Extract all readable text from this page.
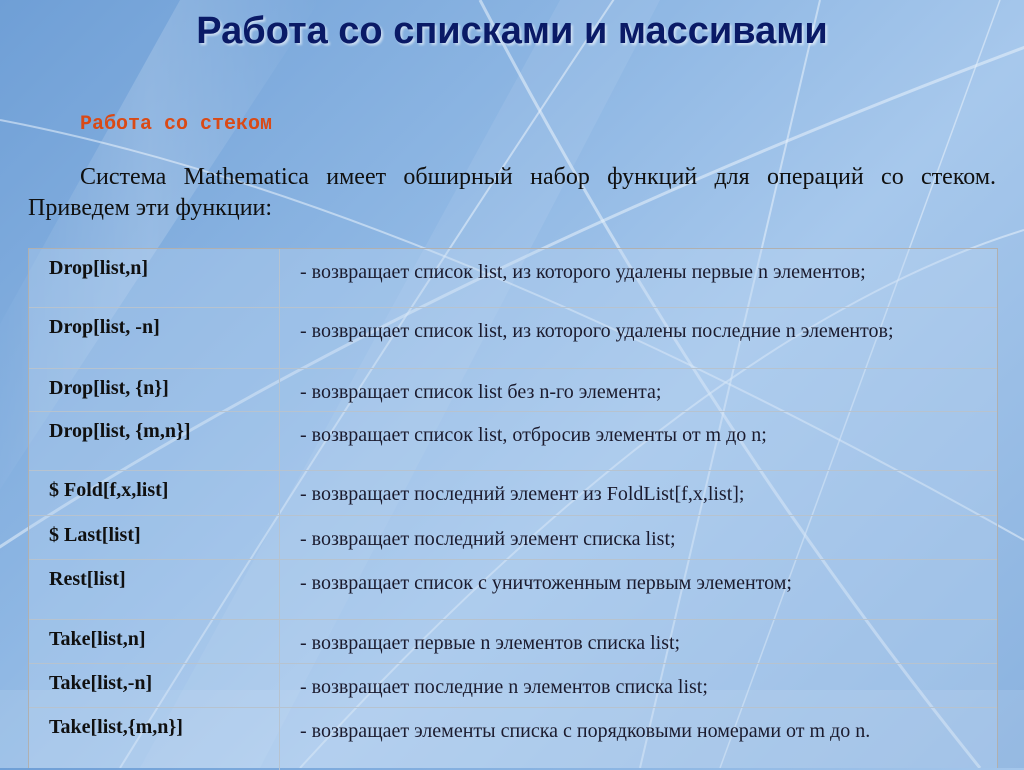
Работа со списками и массивами
Работа со стеком
Система Mathematica имеет обширный набор функций для операций со стеком. Приведем эти функции:
Drop[list,n]	- возвращает список list, из которого удалены первые n элементов;
Drop[list, -n]	- возвращает список list, из которого удалены последние n элементов;
Drop[list, {n}]	- возвращает список list без n-го элемента;
Drop[list, {m,n}]	- возвращает список list, отбросив элементы от m до n;
$ Fold[f,x,list]	- возвращает последний элемент из FoldList[f,x,list];
$ Last[list]	- возвращает последний элемент списка list;
Rest[list]	- возвращает список с уничтоженным первым элементом;
Take[list,n]	- возвращает первые n элементов списка list;
Take[list,-n]	- возвращает последние n элементов списка list;
Take[list,{m,n}]	- возвращает элементы списка с порядковыми номерами от m до n.
